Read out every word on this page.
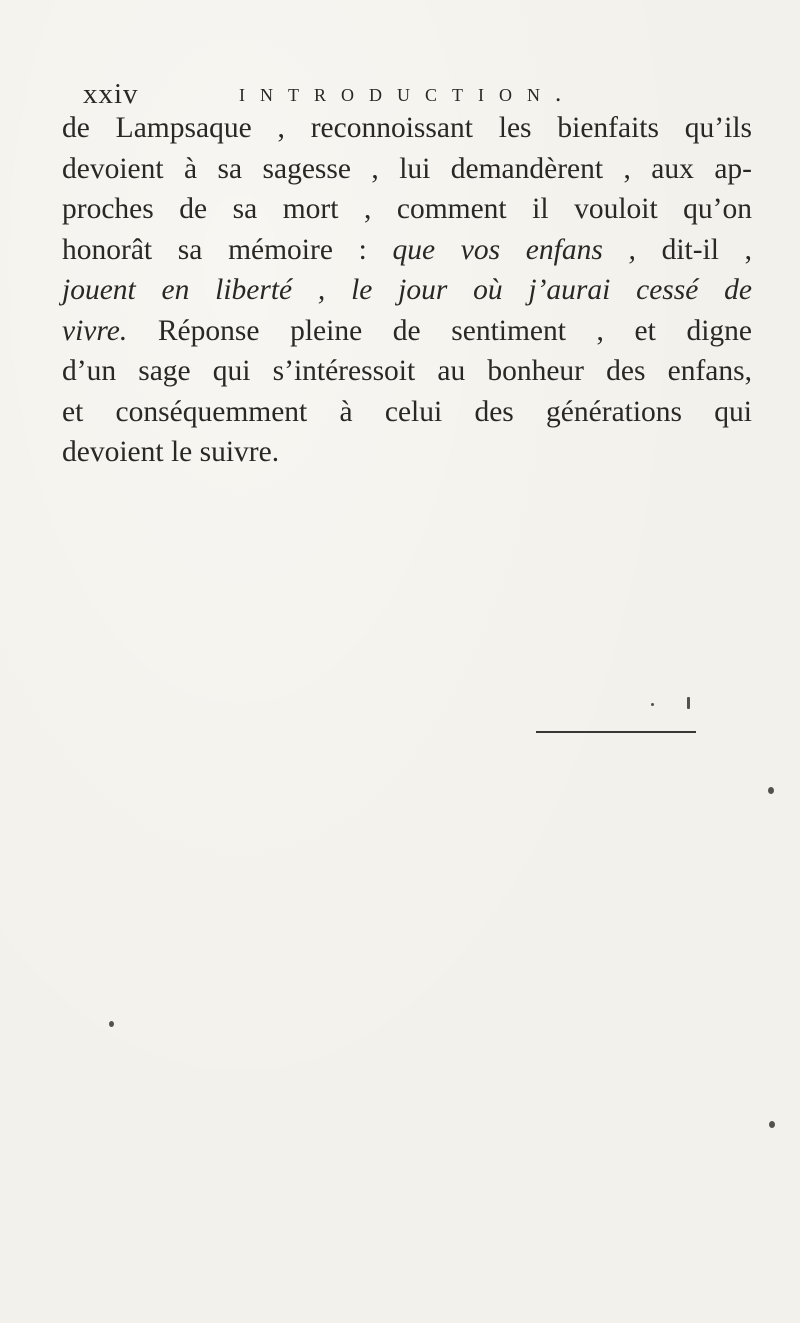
xxiv	introduction.
de Lampsaque , reconnoissant les bienfaits qu’ils
devoient à sa sagesse , lui demandèrent , aux ap-
proches de sa mort , comment il vouloit qu’on
honorât sa mémoire : que vos enfans , dit-il ,
jouent en liberté , le jour où j’aurai cessé de
vivre. Réponse pleine de sentiment , et digne
d’un sage qui s’intéressoit au bonheur des enfans,
et conséquemment à celui des générations qui
devoient le suivre.
